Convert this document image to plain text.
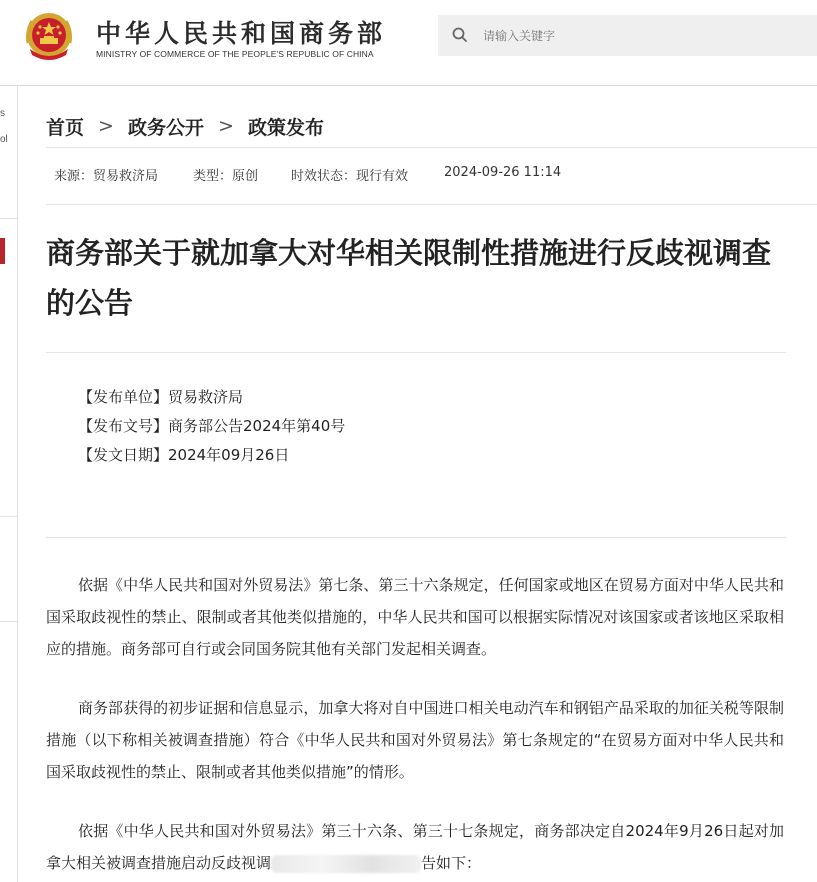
中华人民共和国商务部
MINISTRY OF COMMERCE OF THE PEOPLE'S REPUBLIC OF CHINA
请输入关键字
s
ol
首页 > 政务公开 > 政策发布
来源：贸易救济局	类型：原创	时效状态：现行有效	2024-09-26 11:14
商务部关于就加拿大对华相关限制性措施进行反歧视调查的公告
【发布单位】贸易救济局
【发布文号】商务部公告2024年第40号
【发文日期】2024年09月26日

依据《中华人民共和国对外贸易法》第七条、第三十六条规定，任何国家或地区在贸易方面对中华人民共和国采取歧视性的禁止、限制或者其他类似措施的，中华人民共和国可以根据实际情况对该国家或者该地区采取相应的措施。商务部可自行或会同国务院其他有关部门发起相关调查。

商务部获得的初步证据和信息显示，加拿大将对自中国进口相关电动汽车和钢铝产品采取的加征关税等限制措施（以下称相关被调查措施）符合《中华人民共和国对外贸易法》第七条规定的“在贸易方面对中华人民共和国采取歧视性的禁止、限制或者其他类似措施”的情形。

依据《中华人民共和国对外贸易法》第三十六条、第三十七条规定，商务部决定自2024年9月26日起对加拿大相关被调查措施启动反歧视调	告如下：
